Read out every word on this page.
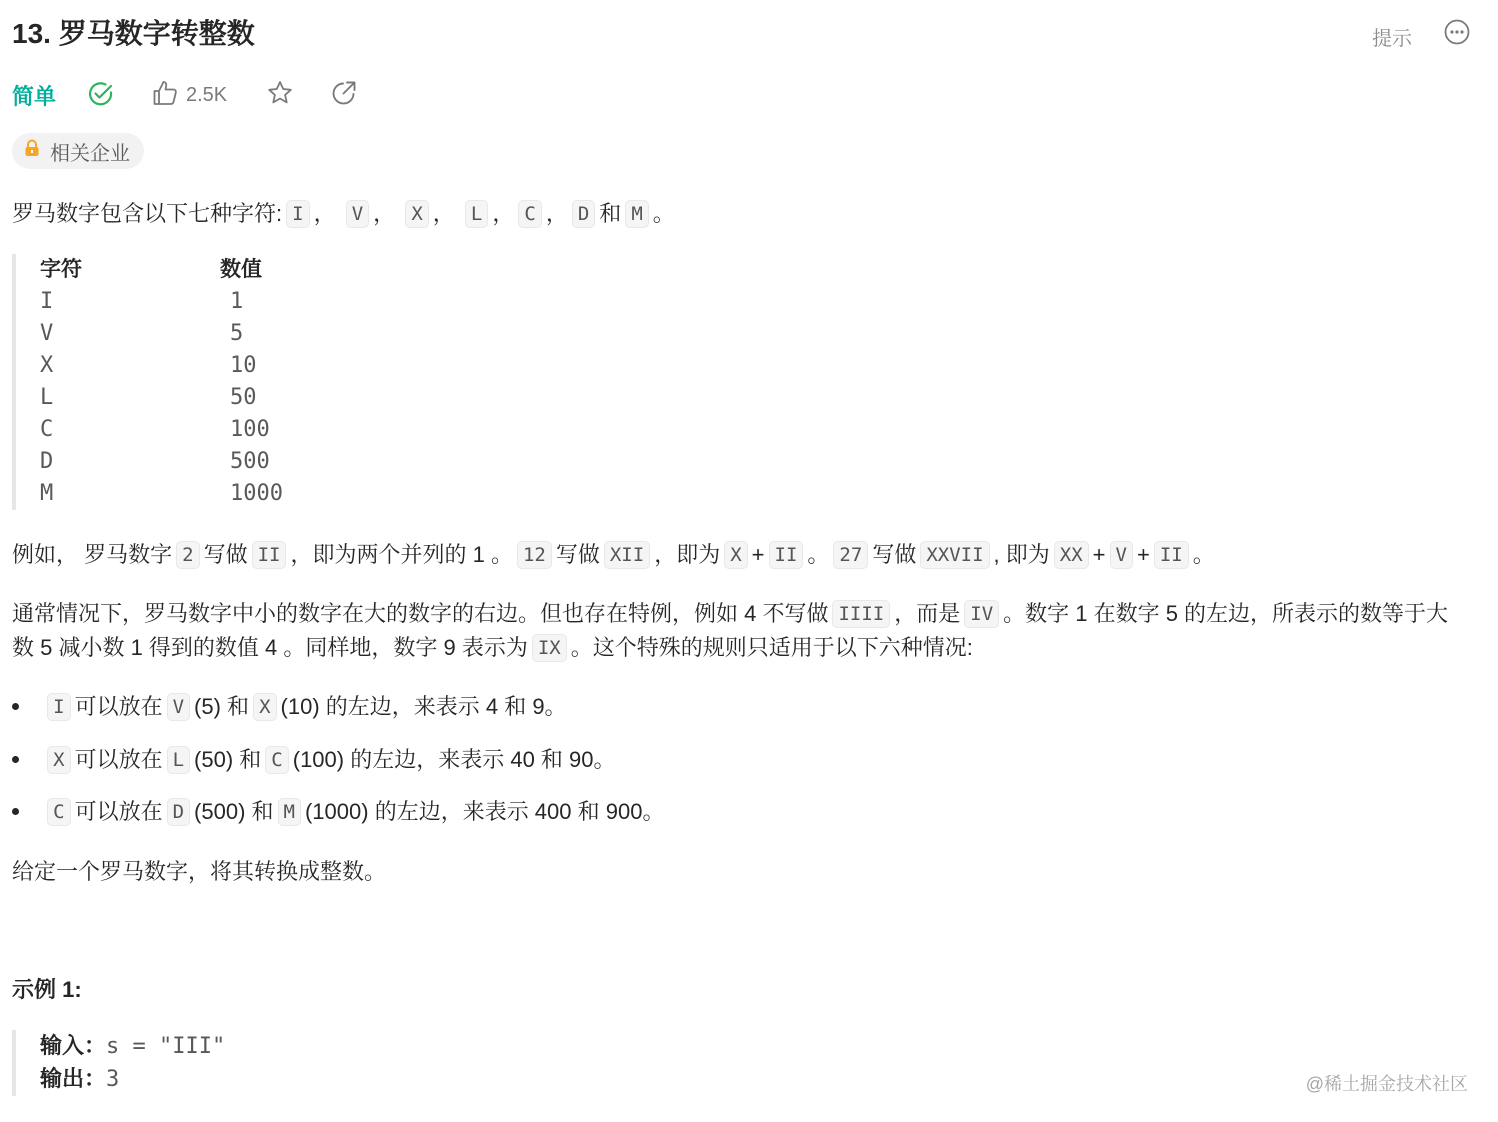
13. 罗马数字转整数	提示
简单	2.5K
相关企业
罗马数字包含以下七种字符: I ， V ， X ， L ， C ， D 和 M 。
字符	数值
I	1
V	5
X	10
L	50
C	100
D	500
M	1000
例如， 罗马数字 2 写做 II ，即为两个并列的 1 。 12 写做 XII ，即为 X + II 。 27 写做 XXVII , 即为 XX + V + II 。
通常情况下，罗马数字中小的数字在大的数字的右边。但也存在特例，例如 4 不写做 IIII ，而是 IV 。数字 1 在数字 5 的左边，所表示的数等于大
数 5 减小数 1 得到的数值 4 。同样地，数字 9 表示为 IX 。这个特殊的规则只适用于以下六种情况:
I 可以放在 V (5) 和 X (10) 的左边，来表示 4 和 9。
X 可以放在 L (50) 和 C (100) 的左边，来表示 40 和 90。
C 可以放在 D (500) 和 M (1000) 的左边，来表示 400 和 900。
给定一个罗马数字，将其转换成整数。
示例 1:
输入：s = "III"
输出：3	@稀土掘金技术社区
